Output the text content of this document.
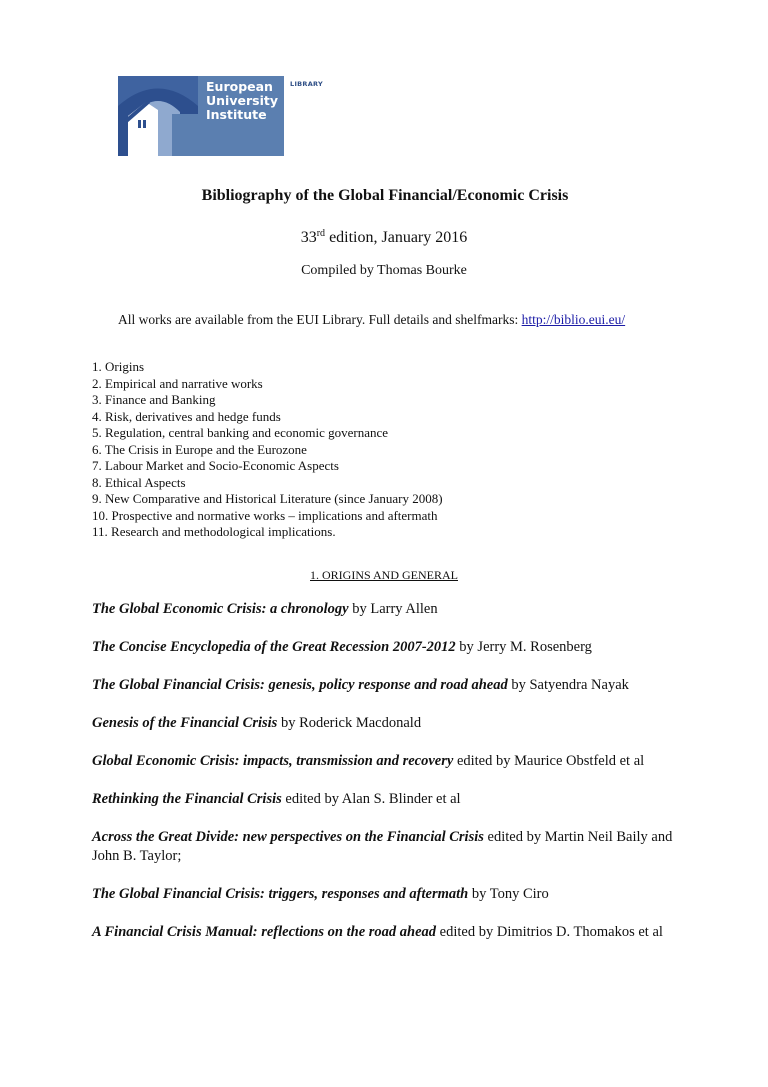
European
University
Institute
LIBRARY
Bibliography of the Global Financial/Economic Crisis
33rd edition, January 2016
Compiled by Thomas Bourke
All works are available from the EUI Library. Full details and shelfmarks: http://biblio.eui.eu/
1. Origins
2. Empirical and narrative works
3. Finance and Banking
4. Risk, derivatives and hedge funds
5. Regulation, central banking and economic governance
6. The Crisis in Europe and the Eurozone
7. Labour Market and Socio-Economic Aspects
8. Ethical Aspects
9. New Comparative and Historical Literature (since January 2008)
10. Prospective and normative works – implications and aftermath
11. Research and methodological implications.
1. ORIGINS AND GENERAL
The Global Economic Crisis: a chronology by Larry Allen
The Concise Encyclopedia of the Great Recession 2007-2012 by Jerry M. Rosenberg
The Global Financial Crisis: genesis, policy response and road ahead by Satyendra Nayak
Genesis of the Financial Crisis by Roderick Macdonald
Global Economic Crisis: impacts, transmission and recovery edited by Maurice Obstfeld et al
Rethinking the Financial Crisis edited by Alan S. Blinder et al
Across the Great Divide: new perspectives on the Financial Crisis edited by Martin Neil Baily and John B. Taylor;
The Global Financial Crisis: triggers, responses and aftermath by Tony Ciro
A Financial Crisis Manual: reflections on the road ahead edited by Dimitrios D. Thomakos et al
